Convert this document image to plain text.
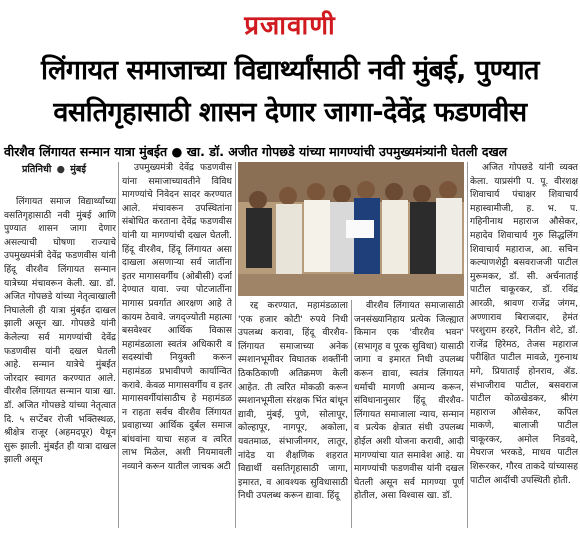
प्रजावाणी
लिंगायत समाजाच्या विद्यार्थ्यांसाठी नवी मुंबई, पुण्यात
वसतिगृहासाठी शासन देणार जागा-देवेंद्र फडणवीस
वीरशैव लिंगायत सन्मान यात्रा मुंबईत ● खा. डॉ. अजीत गोपछडे यांच्या मागण्यांची उपमुख्यमंत्र्यांनी घेतली दखल
प्रतिनिधी ● मुंबई

लिंगायत समाज विद्यार्थ्यांच्या वसतिगृहासाठी नवी मुंबई आणि पुण्यात शासन जागा देणार असल्याची घोषणा राज्याचे उपमुख्यमंत्री देवेंद्र फडणवीस यांनी हिंदू वीरशैव लिंगायत सन्मान यात्रेच्या मंचावरून केली. खा. डॉ. अजित गोपछडे यांच्या नेतृत्वाखाली निघालेली ही यात्रा मुंबईत दाखल झाली असून खा. गोपछडे यांनी केलेल्या सर्व मागण्यांची देवेंद्र फडणवीस यांनी दखल घेतली आहे. सन्मान यात्रेचे मुंबईत जोरदार स्वागत करण्यात आले. वीरशैव लिंगायत सन्मान यात्रा खा. डॉ. अजित गोपछडे यांच्या नेतृत्वात दि. ५ सप्टेंबर रोजी भक्तिस्थळ, श्रीक्षेत्र राजूर (अहमदपूर) येथून सुरू झाली. मुंबईत ही यात्रा दाखल झाली असून

उपमुख्यमंत्री देवेंद्र फडणवीस यांना समाजाच्यावतीने विविध मागण्यांचे निवेदन सादर करण्यात आले. मंचावरून उपस्थितांना संबोधित करताना देवेंद्र फडणवीस यांनी या मागण्यांची दखल घेतली. हिंदू वीरशैव, हिंदू लिंगायत असा दाखला असणाऱ्या सर्व जातींना इतर मागासवर्गीय (ओबीसी) दर्जा देण्यात यावा. ज्या पोटजातींना मागास प्रवर्गात आरक्षण आहे ते कायम ठेवावे. जगद्ज्योती महात्मा बसवेश्वर आर्थिक विकास महामंडळाला स्वतंत्र अधिकारी व सदस्यांची नियुक्ती करून महामंडळ प्रभावीपणे कार्यान्वित करावे. केवळ मागासवर्गीय व इतर मागासवर्गीयांसाठीच हे महामंडळ न राहता सर्वच वीरशैव लिंगायत प्रवाहाच्या आर्थिक दुर्बल समाज बांधवांना याचा सहज व त्वरित लाभ मिळेल, अशी नियमावली नव्याने करून यातील जाचक अटी

रद्द करण्यात, महामंडळाला 'एक हजार कोटी' रुपये निधी उपलब्ध करावा, हिंदू वीरशैव-लिंगायत समाजाच्या अनेक स्मशानभूमीवर विघातक शक्तींनी ठिकठिकाणी अतिक्रमण केली आहेत. ती त्वरित मोकळी करून स्मशानभूमीला संरक्षक भिंत बांधून द्यावी, मुंबई, पुणे, सोलापूर, कोल्हापूर, नागपूर, अकोला, यवतमाळ, संभाजीनगर, लातूर, नांदेड या शैक्षणिक शहरात विद्यार्थी वसतिगृहासाठी जागा, इमारत, व आवश्यक सुविधासाठी निधी उपलब्ध करून द्यावा. हिंदू

वीरशैव लिंगायत समाजासाठी जनसंख्यानिहाय प्रत्येक जिल्ह्यात किमान एक 'वीरशैव भवन' (सभागृह व पूरक सुविधा) यासाठी जागा व इमारत निधी उपलब्ध करून द्यावा, स्वतंत्र लिंगायत धर्माची मागणी अमान्य करून, संविधानानुसार हिंदू वीरशैव-लिंगायत समाजाला न्याय, सन्मान व प्रत्येक क्षेत्रात संधी उपलब्ध होईल अशी योजना करावी, आदी मागण्यांचा यात समावेश आहे. या मागण्यांची फडणवीस यांनी दखल घेतली असून सर्व मागण्या पूर्ण होतील, असा विश्वास खा. डॉ.

अजित गोपछडे यांनी व्यक्त केला. याप्रसंगी प. पू. वीरशक्ष शिवाचार्य पंचाक्षर शिवाचार्य महास्वामीजी, ह. भ. प. गहिनीनाथ महाराज औसेकर, महादेव शिवाचार्य गुरु सिद्धलिंग शिवाचार्य महाराज, आ. सचिन कल्याणशेट्टी बसवराजजी पाटील मुरूमकर, डॉ. सी. अर्चनाताई पाटील चाकूरकर, डॉ. रविंद्र आरळी, श्रावण राजेंद्र जंगम, अण्णाराव बिराजदार, हेमंत परशुराम हरहरे, नितीन शेटे, डॉ. राजेंद्र हिरेमठ, तेजस महाराज परीक्षित पाटील मावळे, गुरुनाथ मगे, प्रियाताई होनराव, ॲड. संभाजीराव पाटील, बसवराज पाटील कोळखेडकर, श्रीरंग महाराज औसेकर, कपिल माकणे, बालाजी पाटील चाकूरकर, अमोल निडवदे, मेघराज भरकडे, माधव पाटील शिरूरकर, गौरव ताकदे यांच्यासह पाटील आदींची उपस्थिती होती.
